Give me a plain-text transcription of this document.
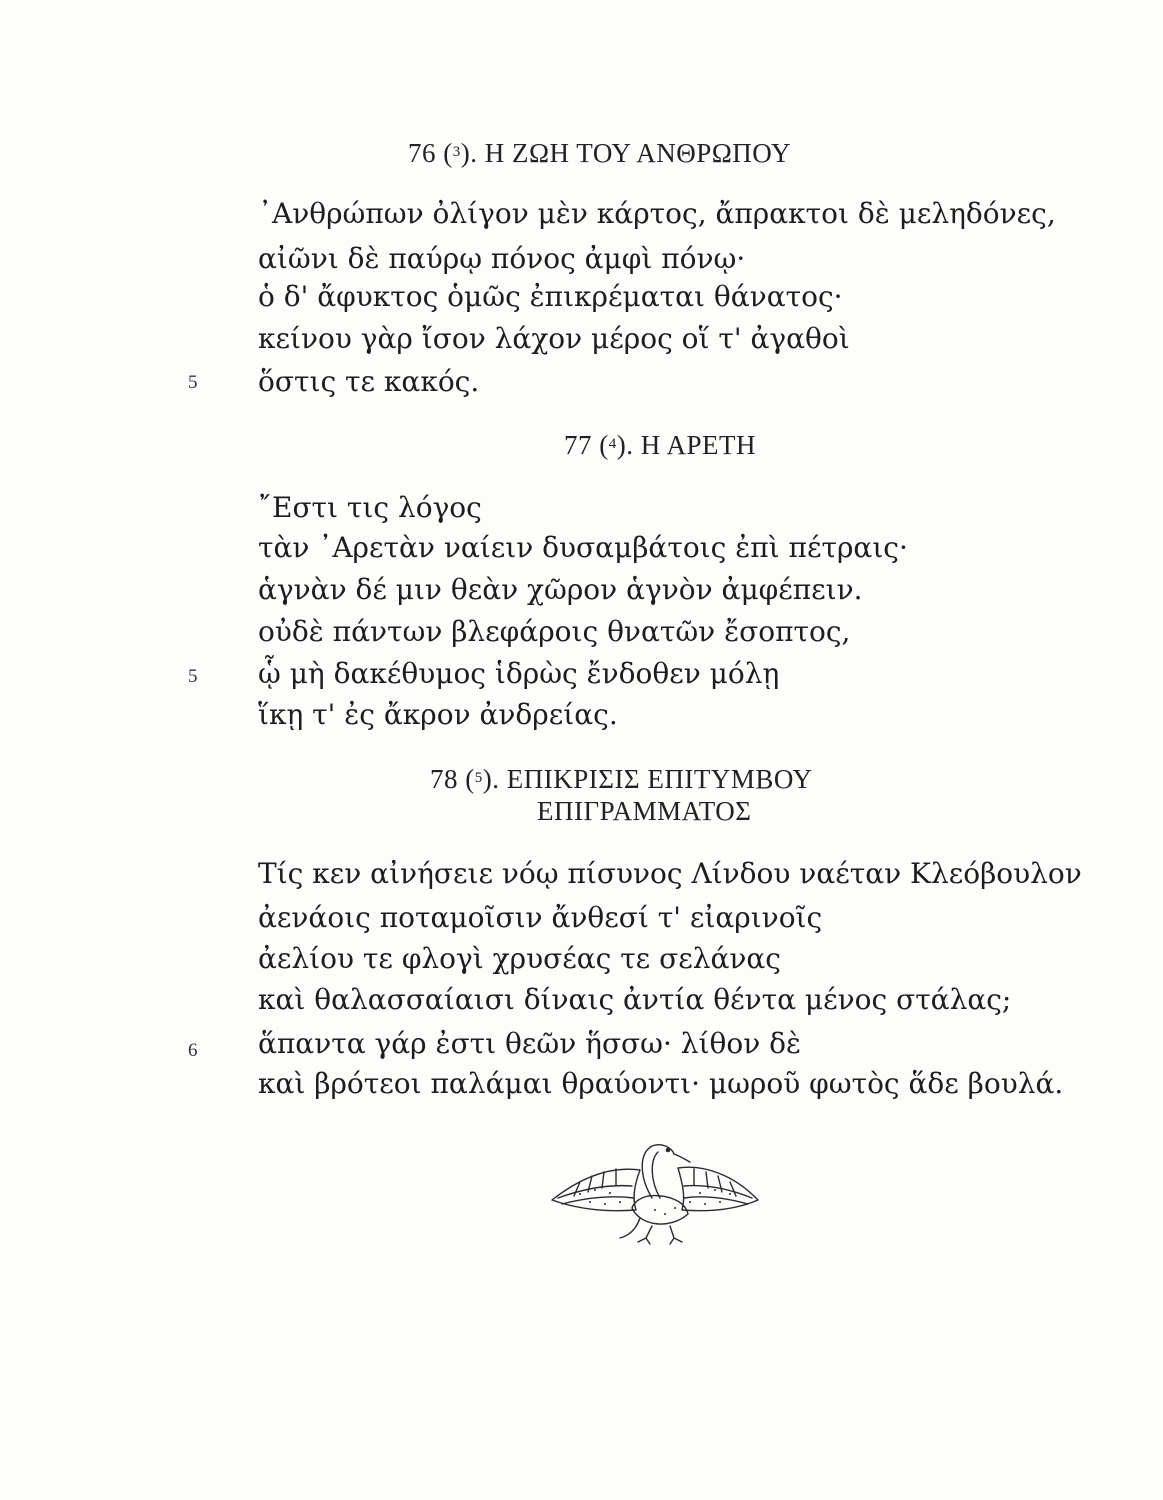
76 ($^3$). Η ΖΩΗ ΤΟΥ ΑΝΘΡΩΠΟΥ
᾿Ανθρώπων ὀλίγον μὲν κάρτος, ἄπρακτοι δὲ μεληδόνες,
αἰῶνι δὲ παύρῳ πόνος ἀμφὶ πόνῳ·
ὁ δ' ἄφυκτος ὁμῶς ἐπικρέμαται θάνατος·
κείνου γὰρ ἴσον λάχον μέρος οἵ τ' ἀγαθοὶ
ὅστις τε κακός.
5
77 ($^4$). Η ΑΡΕΤΗ
῎Εστι τις λόγος
τὰν ᾿Αρετὰν ναίειν δυσαμβάτοις ἐπὶ πέτραις·
ἁγνὰν δέ μιν θεὰν χῶρον ἁγνὸν ἀμφέπειν.
οὐδὲ πάντων βλεφάροις θνατῶν ἔσοπτος,
ᾧ μὴ δακέθυμος ἱδρὼς ἔνδοθεν μόλῃ
ἵκῃ τ' ἐς ἄκρον ἀνδρείας.
5
78 ($^5$). ΕΠΙΚΡΙΣΙΣ ΕΠΙΤΥΜΒΟΥ
ΕΠΙΓΡΑΜΜΑΤΟΣ
Τίς κεν αἰνήσειε νόῳ πίσυνος Λίνδου ναέταν Κλεόβουλον
ἀενάοις ποταμοῖσιν ἄνθεσί τ' εἰαρινοῖς
ἀελίου τε φλογὶ χρυσέας τε σελάνας
καὶ θαλασσαίαισι δίναις ἀντία θέντα μένος στάλας;
ἅπαντα γάρ ἐστι θεῶν ἥσσω· λίθον δὲ
καὶ βρότεοι παλάμαι θραύοντι· μωροῦ φωτὸς ἅδε βουλά.
6
